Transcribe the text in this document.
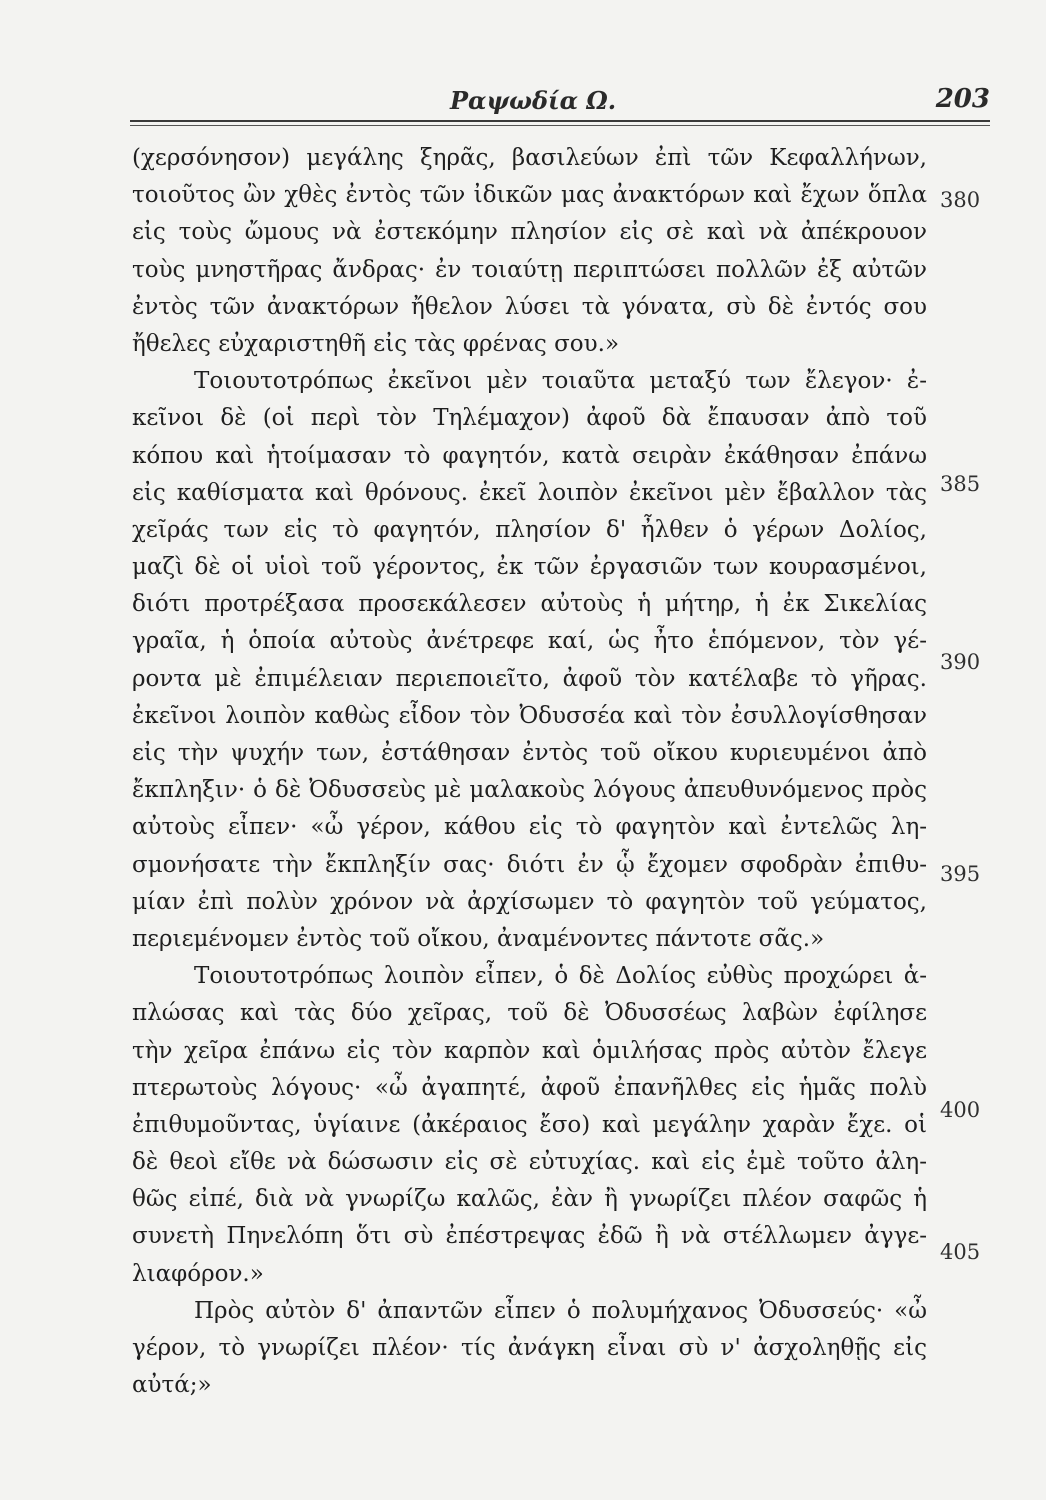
Ραψωδία Ω.	203
(χερσόνησον) μεγάλης ξηρᾶς, βασιλεύων ἐπὶ τῶν Κεφαλλήνων,
τοιοῦτος ὢν χθὲς ἐντὸς τῶν ἰδικῶν μας ἀνακτόρων καὶ ἔχων ὅπλα
εἰς τοὺς ὤμους νὰ ἐστεκόμην πλησίον εἰς σὲ καὶ νὰ ἀπέκρουον
τοὺς μνηστῆρας ἄνδρας· ἐν τοιαύτῃ περιπτώσει πολλῶν ἐξ αὐτῶν
ἐντὸς τῶν ἀνακτόρων ἤθελον λύσει τὰ γόνατα, σὺ δὲ ἐντός σου
ἤθελες εὐχαριστηθῆ εἰς τὰς φρένας σου.»
Τοιουτοτρόπως ἐκεῖνοι μὲν τοιαῦτα μεταξύ των ἔλεγον· ἐ-
κεῖνοι δὲ (οἱ περὶ τὸν Τηλέμαχον) ἀφοῦ δὰ ἔπαυσαν ἀπὸ τοῦ
κόπου καὶ ἡτοίμασαν τὸ φαγητόν, κατὰ σειρὰν ἐκάθησαν ἐπάνω
εἰς καθίσματα καὶ θρόνους. ἐκεῖ λοιπὸν ἐκεῖνοι μὲν ἔβαλλον τὰς
χεῖράς των εἰς τὸ φαγητόν, πλησίον δ' ἦλθεν ὁ γέρων Δολίος,
μαζὶ δὲ οἱ υἱοὶ τοῦ γέροντος, ἐκ τῶν ἐργασιῶν των κουρασμένοι,
διότι προτρέξασα προσεκάλεσεν αὐτοὺς ἡ μήτηρ, ἡ ἐκ Σικελίας
γραῖα, ἡ ὁποία αὐτοὺς ἀνέτρεφε καί, ὡς ἦτο ἑπόμενον, τὸν γέ-
ροντα μὲ ἐπιμέλειαν περιεποιεῖτο, ἀφοῦ τὸν κατέλαβε τὸ γῆρας.
ἐκεῖνοι λοιπὸν καθὼς εἶδον τὸν Ὀδυσσέα καὶ τὸν ἐσυλλογίσθησαν
εἰς τὴν ψυχήν των, ἐστάθησαν ἐντὸς τοῦ οἴκου κυριευμένοι ἀπὸ
ἔκπληξιν· ὁ δὲ Ὀδυσσεὺς μὲ μαλακοὺς λόγους ἀπευθυνόμενος πρὸς
αὐτοὺς εἶπεν· «ὦ γέρον, κάθου εἰς τὸ φαγητὸν καὶ ἐντελῶς λη-
σμονήσατε τὴν ἔκπληξίν σας· διότι ἐν ᾧ ἔχομεν σφοδρὰν ἐπιθυ-
μίαν ἐπὶ πολὺν χρόνον νὰ ἀρχίσωμεν τὸ φαγητὸν τοῦ γεύματος,
περιεμένομεν ἐντὸς τοῦ οἴκου, ἀναμένοντες πάντοτε σᾶς.»
Τοιουτοτρόπως λοιπὸν εἶπεν, ὁ δὲ Δολίος εὐθὺς προχώρει ἁ-
πλώσας καὶ τὰς δύο χεῖρας, τοῦ δὲ Ὀδυσσέως λαβὼν ἐφίλησε
τὴν χεῖρα ἐπάνω εἰς τὸν καρπὸν καὶ ὁμιλήσας πρὸς αὐτὸν ἔλεγε
πτερωτοὺς λόγους· «ὦ ἀγαπητέ, ἀφοῦ ἐπανῆλθες εἰς ἡμᾶς πολὺ
ἐπιθυμοῦντας, ὑγίαινε (ἀκέραιος ἔσο) καὶ μεγάλην χαρὰν ἔχε. οἱ
δὲ θεοὶ εἴθε νὰ δώσωσιν εἰς σὲ εὐτυχίας. καὶ εἰς ἐμὲ τοῦτο ἀλη-
θῶς εἰπέ, διὰ νὰ γνωρίζω καλῶς, ἐὰν ἢ γνωρίζει πλέον σαφῶς ἡ
συνετὴ Πηνελόπη ὅτι σὺ ἐπέστρεψας ἐδῶ ἢ νὰ στέλλωμεν ἀγγε-
λιαφόρον.»
Πρὸς αὐτὸν δ' ἀπαντῶν εἶπεν ὁ πολυμήχανος Ὀδυσσεύς· «ὦ
γέρον, τὸ γνωρίζει πλέον· τίς ἀνάγκη εἶναι σὺ ν' ἀσχοληθῇς εἰς
αὐτά;»
380
385
390
395
400
405
